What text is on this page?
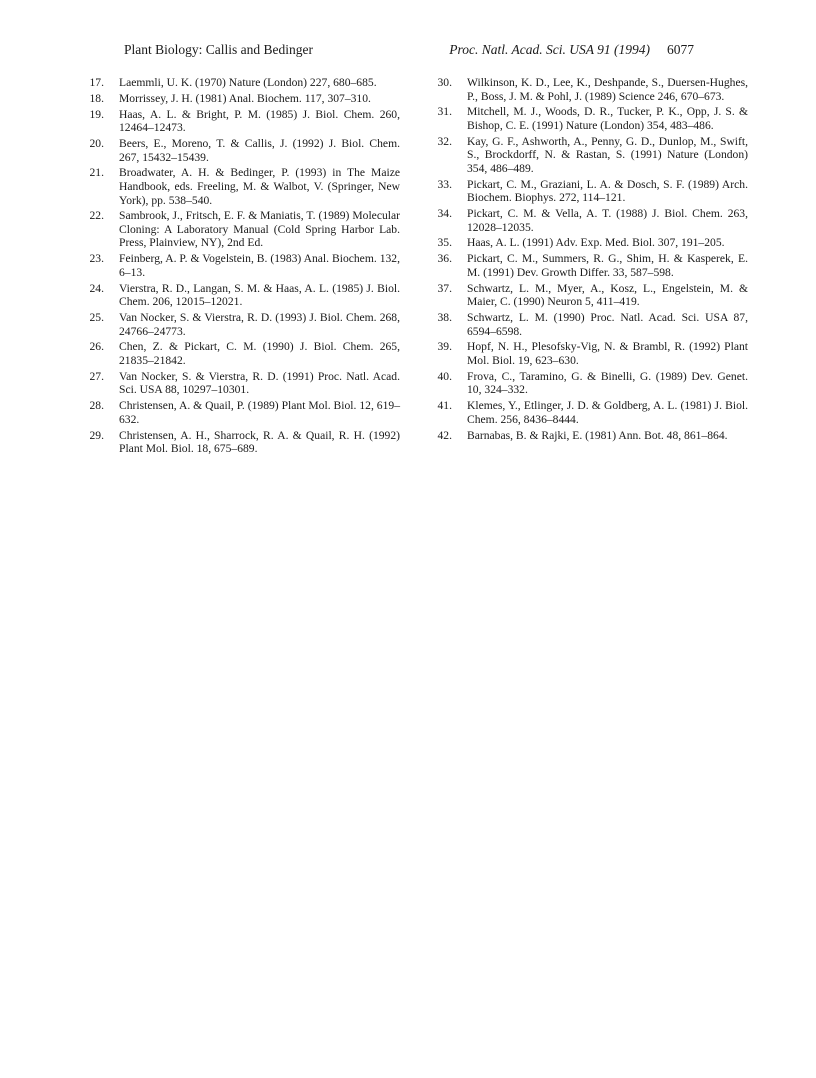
Plant Biology: Callis and Bedinger	Proc. Natl. Acad. Sci. USA 91 (1994) 6077
17. Laemmli, U. K. (1970) Nature (London) 227, 680–685.
18. Morrissey, J. H. (1981) Anal. Biochem. 117, 307–310.
19. Haas, A. L. & Bright, P. M. (1985) J. Biol. Chem. 260, 12464–12473.
20. Beers, E., Moreno, T. & Callis, J. (1992) J. Biol. Chem. 267, 15432–15439.
21. Broadwater, A. H. & Bedinger, P. (1993) in The Maize Handbook, eds. Freeling, M. & Walbot, V. (Springer, New York), pp. 538–540.
22. Sambrook, J., Fritsch, E. F. & Maniatis, T. (1989) Molecular Cloning: A Laboratory Manual (Cold Spring Harbor Lab. Press, Plainview, NY), 2nd Ed.
23. Feinberg, A. P. & Vogelstein, B. (1983) Anal. Biochem. 132, 6–13.
24. Vierstra, R. D., Langan, S. M. & Haas, A. L. (1985) J. Biol. Chem. 206, 12015–12021.
25. Van Nocker, S. & Vierstra, R. D. (1993) J. Biol. Chem. 268, 24766–24773.
26. Chen, Z. & Pickart, C. M. (1990) J. Biol. Chem. 265, 21835–21842.
27. Van Nocker, S. & Vierstra, R. D. (1991) Proc. Natl. Acad. Sci. USA 88, 10297–10301.
28. Christensen, A. & Quail, P. (1989) Plant Mol. Biol. 12, 619–632.
29. Christensen, A. H., Sharrock, R. A. & Quail, R. H. (1992) Plant Mol. Biol. 18, 675–689.
30. Wilkinson, K. D., Lee, K., Deshpande, S., Duersen-Hughes, P., Boss, J. M. & Pohl, J. (1989) Science 246, 670–673.
31. Mitchell, M. J., Woods, D. R., Tucker, P. K., Opp, J. S. & Bishop, C. E. (1991) Nature (London) 354, 483–486.
32. Kay, G. F., Ashworth, A., Penny, G. D., Dunlop, M., Swift, S., Brockdorff, N. & Rastan, S. (1991) Nature (London) 354, 486–489.
33. Pickart, C. M., Graziani, L. A. & Dosch, S. F. (1989) Arch. Biochem. Biophys. 272, 114–121.
34. Pickart, C. M. & Vella, A. T. (1988) J. Biol. Chem. 263, 12028–12035.
35. Haas, A. L. (1991) Adv. Exp. Med. Biol. 307, 191–205.
36. Pickart, C. M., Summers, R. G., Shim, H. & Kasperek, E. M. (1991) Dev. Growth Differ. 33, 587–598.
37. Schwartz, L. M., Myer, A., Kosz, L., Engelstein, M. & Maier, C. (1990) Neuron 5, 411–419.
38. Schwartz, L. M. (1990) Proc. Natl. Acad. Sci. USA 87, 6594–6598.
39. Hopf, N. H., Plesofsky-Vig, N. & Brambl, R. (1992) Plant Mol. Biol. 19, 623–630.
40. Frova, C., Taramino, G. & Binelli, G. (1989) Dev. Genet. 10, 324–332.
41. Klemes, Y., Etlinger, J. D. & Goldberg, A. L. (1981) J. Biol. Chem. 256, 8436–8444.
42. Barnabas, B. & Rajki, E. (1981) Ann. Bot. 48, 861–864.
